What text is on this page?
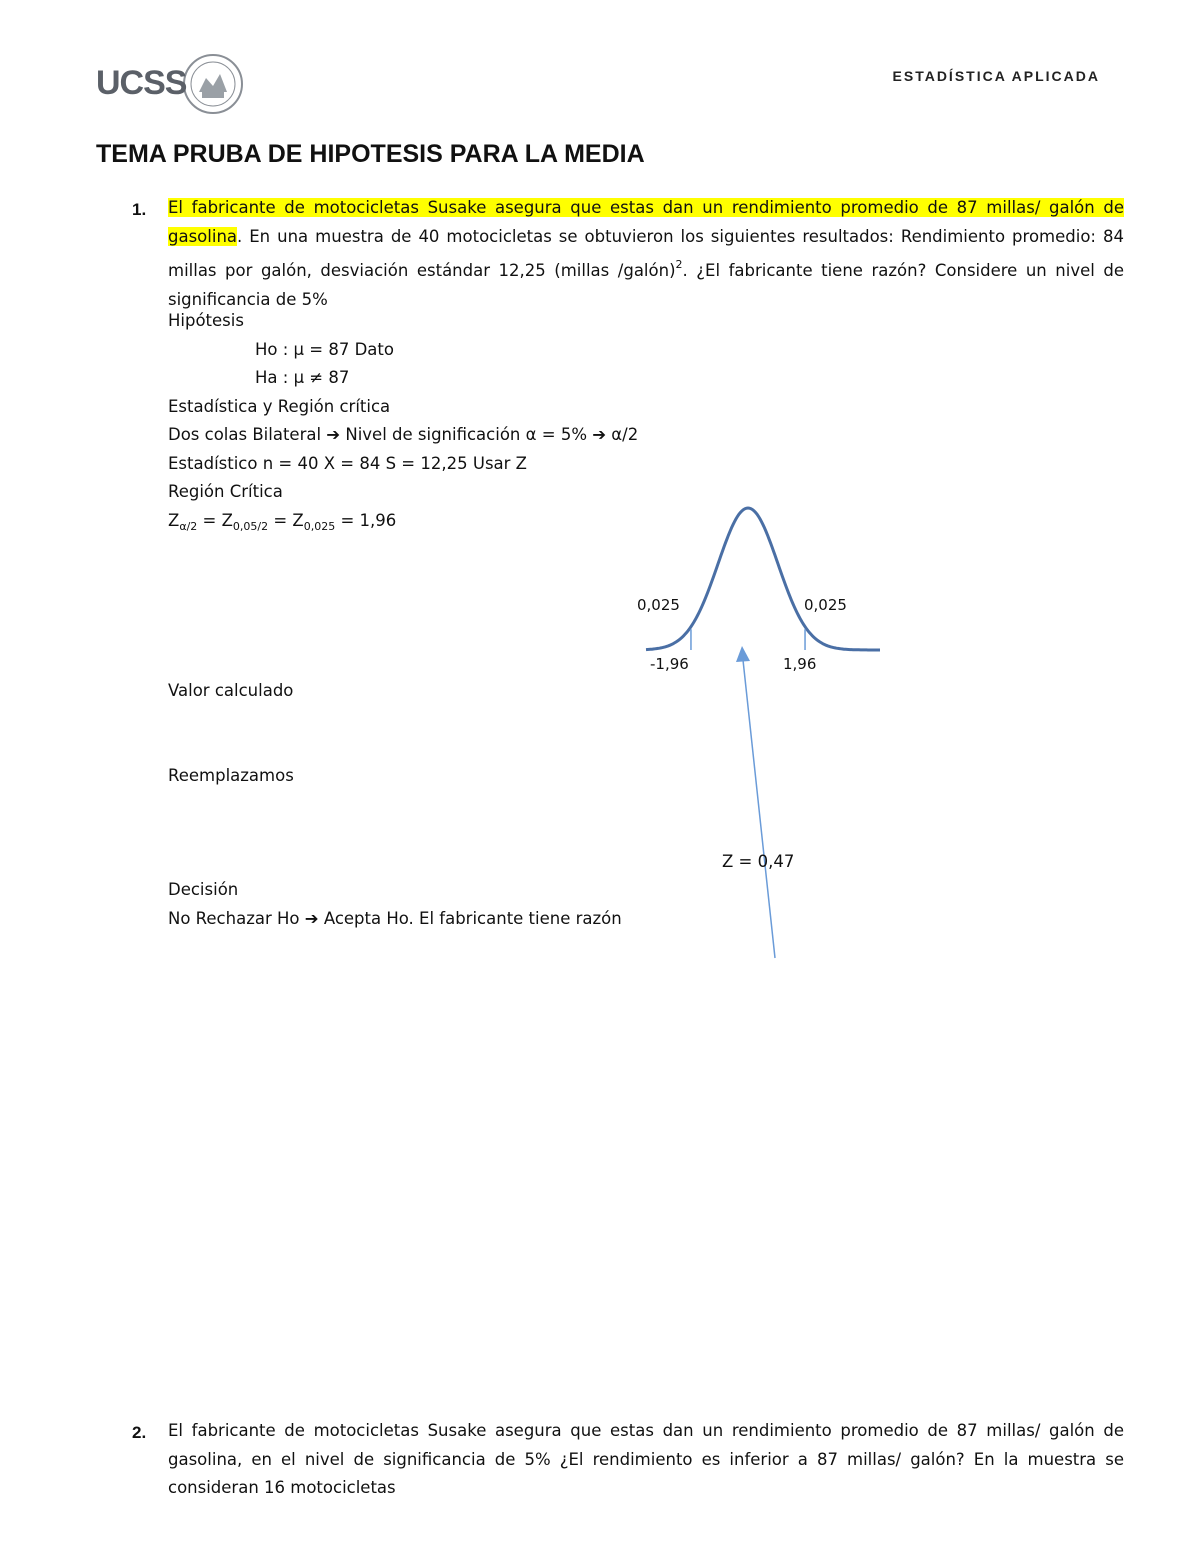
UCSS	ESTADÍSTICA APLICADA
TEMA PRUBA DE HIPOTESIS PARA LA MEDIA
1. El fabricante de motocicletas Susake asegura que estas dan un rendimiento promedio de 87 millas/ galón de gasolina. En una muestra de 40 motocicletas se obtuvieron los siguientes resultados: Rendimiento promedio: 84 millas por galón, desviación estándar 12,25 (millas /galón)$^2$. ¿El fabricante tiene razón? Considere un nivel de significancia de 5%
Hipótesis
Ho : µ = 87 Dato
Ha : µ ≠ 87
Estadística y Región crítica
Dos colas Bilateral ➔ Nivel de significación α = 5% ➔ α/2
Estadístico n = 40 X = 84 S = 12,25 Usar Z
Región Crítica
$Z_{\alpha/2} = Z_{0,05/2} = Z_{0,025} = 1,96$
0,025	0,025
-1,96	1,96
Valor calculado
Reemplazamos
Z = 0,47
Decisión
No Rechazar Ho ➔ Acepta Ho. El fabricante tiene razón
2. El fabricante de motocicletas Susake asegura que estas dan un rendimiento promedio de 87 millas/ galón de gasolina, en el nivel de significancia de 5% ¿El rendimiento es inferior a 87 millas/ galón? En la muestra se consideran 16 motocicletas
